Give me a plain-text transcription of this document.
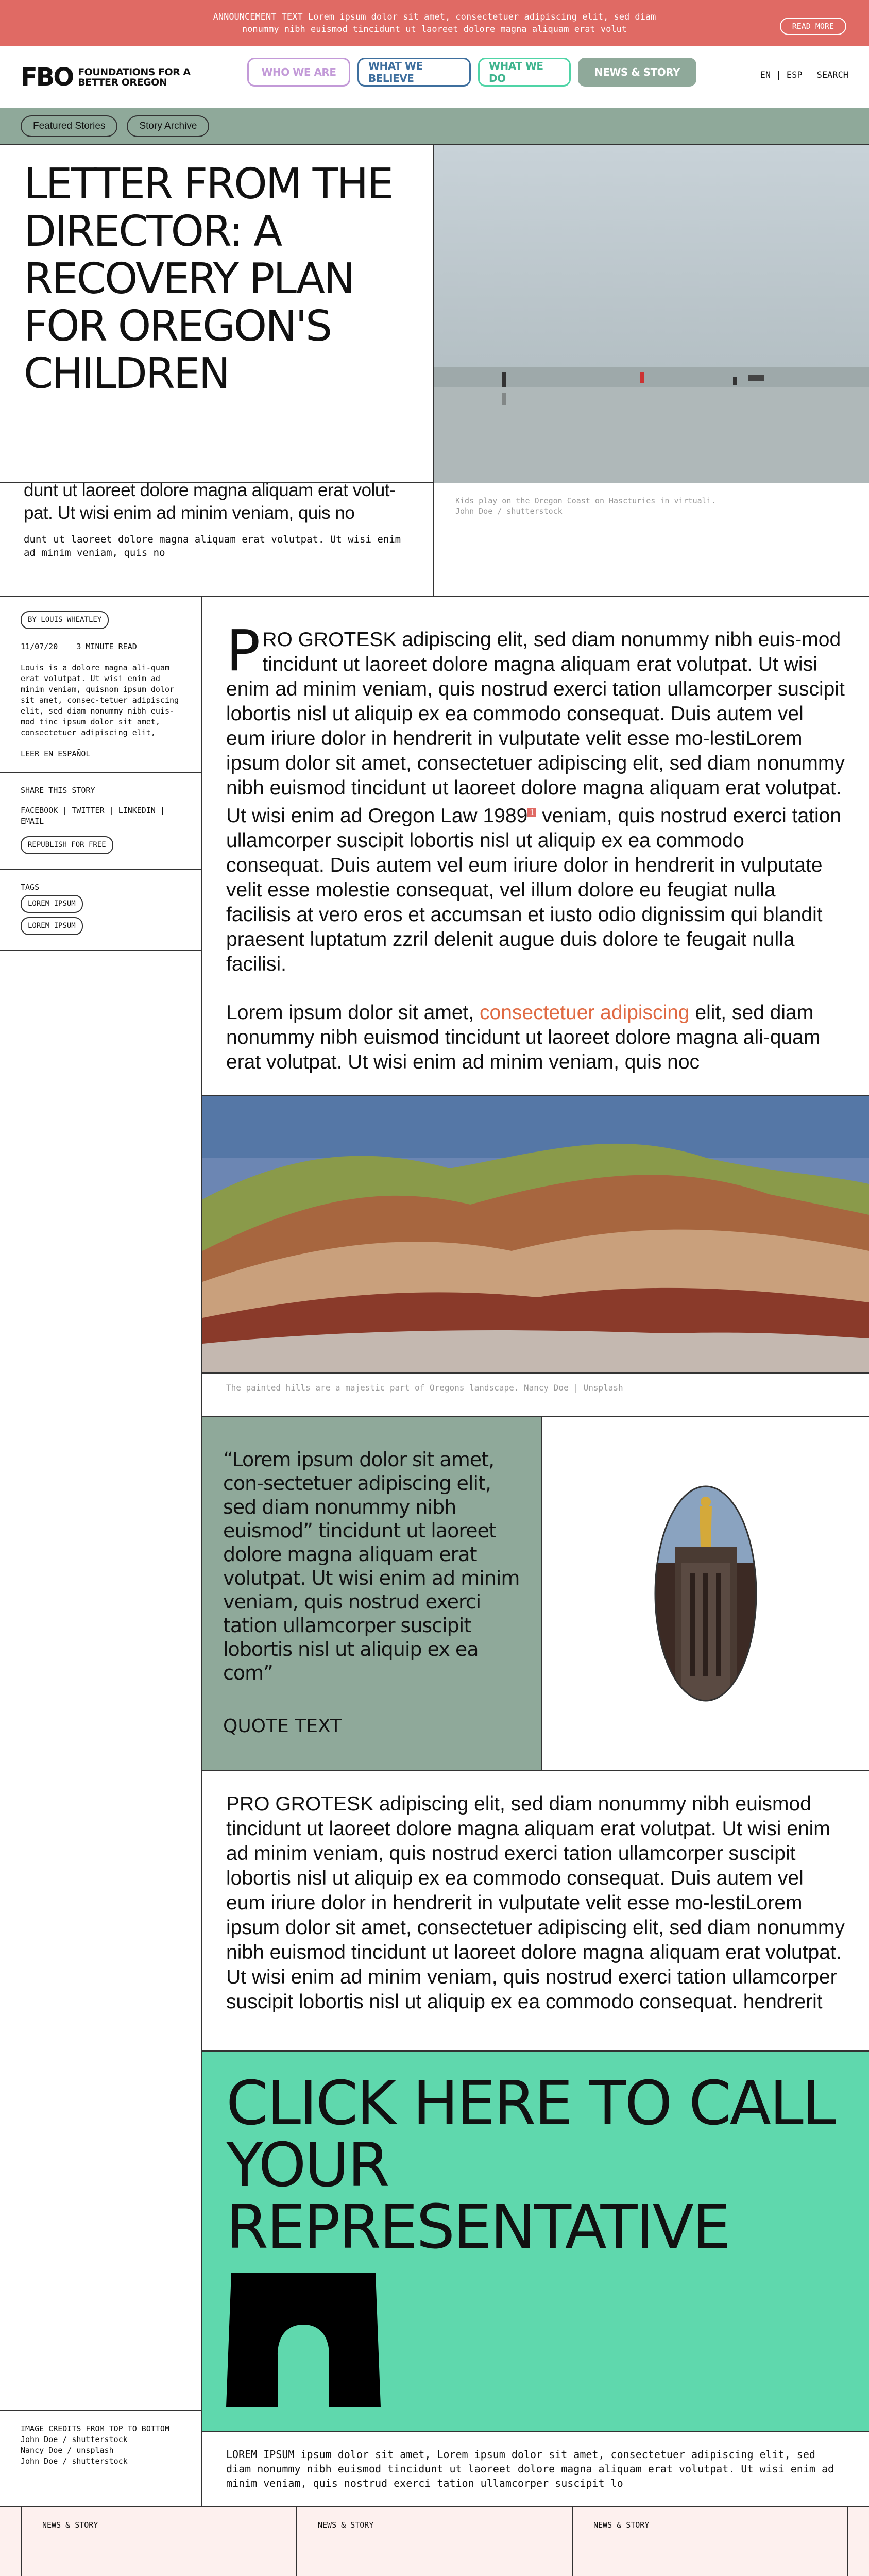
ANNOUNCEMENT TEXT Lorem ipsum dolor sit amet, consectetuer adipiscing elit, sed diam nonummy nibh euismod tincidunt ut laoreet dolore magna aliquam erat volut	READ MORE
FBO FOUNDATIONS FOR A
BETTER OREGON
WHO WE ARE	WHAT WE BELIEVE
WHAT WE DO	NEWS & STORY	EN | ESP SEARCH
Featured Stories	Story Archive
LETTER FROM THE DIRECTOR: A RECOVERY PLAN FOR OREGON'S CHILDREN
dunt ut laoreet dolore magna aliquam erat volut-pat. Ut wisi enim ad minim veniam, quis no
dunt ut laoreet dolore magna aliquam erat volutpat. Ut wisi enim ad minim veniam, quis no
Kids play on the Oregon Coast on Hascturies in virtuali.
John Doe / shutterstock
BY LOUIS WHEATLEY
11/07/20 3 MINUTE READ
Louis is a dolore magna ali-quam erat volutpat. Ut wisi enim ad minim veniam, quisnom ipsum dolor sit amet, consec-tetuer adipiscing elit, sed diam nonummy nibh euis-mod tinc ipsum dolor sit amet, consectetuer adipiscing elit,
LEER EN ESPAÑOL
SHARE THIS STORY
FACEBOOK | TWITTER | LINKEDIN | EMAIL
REPUBLISH FOR FREE
TAGS
LOREM IPSUM
LOREM IPSUM
IMAGE CREDITS FROM TOP TO BOTTOM
John Doe / shutterstock
Nancy Doe / unsplash
John Doe / shutterstock

PRO GROTESK adipiscing elit, sed diam nonummy nibh euis-mod tincidunt ut laoreet dolore magna aliquam erat volutpat. Ut wisi enim ad minim veniam, quis nostrud exerci tation ullamcorper suscipit lobortis nisl ut aliquip ex ea commodo consequat. Duis autem vel eum iriure dolor in hendrerit in vulputate velit esse mo-lestiLorem ipsum dolor sit amet, consectetuer adipiscing elit, sed diam nonummy nibh euismod tincidunt ut laoreet dolore magna aliquam erat volutpat. Ut wisi enim ad Oregon Law 1989 $^1$ veniam, quis nostrud exerci tation ullamcorper suscipit lobortis nisl ut aliquip ex ea commodo consequat. Duis autem vel eum iriure dolor in hendrerit in vulputate velit esse molestie consequat, vel illum dolore eu feugiat nulla facilisis at vero eros et accumsan et iusto odio dignissim qui blandit praesent luptatum zzril delenit augue duis dolore te feugait nulla facilisi.

Lorem ipsum dolor sit amet, consectetuer adipiscing elit, sed diam nonummy nibh euismod tincidunt ut laoreet dolore magna ali-quam erat volutpat. Ut wisi enim ad minim veniam, quis noc

The painted hills are a majestic part of Oregons landscape. Nancy Doe | Unsplash

“Lorem ipsum dolor sit amet, con-sectetuer adipiscing elit, sed diam nonummy nibh euismod” tincidunt ut laoreet dolore magna aliquam erat volutpat. Ut wisi enim ad minim veniam, quis nostrud exerci tation ullamcorper suscipit lobortis nisl ut aliquip ex ea com”

QUOTE TEXT

PRO GROTESK adipiscing elit, sed diam nonummy nibh euismod tincidunt ut laoreet dolore magna aliquam erat volutpat. Ut wisi enim ad minim veniam, quis nostrud exerci tation ullamcorper suscipit lobortis nisl ut aliquip ex ea commodo consequat. Duis autem vel eum iriure dolor in hendrerit in vulputate velit esse mo-lestiLorem ipsum dolor sit amet, consectetuer adipiscing elit, sed diam nonummy nibh euismod tincidunt ut laoreet dolore magna aliquam erat volutpat. Ut wisi enim ad minim veniam, quis nostrud exerci tation ullamcorper suscipit lobortis nisl ut aliquip ex ea commodo consequat. hendrerit

CLICK HERE TO CALL YOUR REPRESENTATIVE
LOREM IPSUM ipsum dolor sit amet, Lorem ipsum dolor sit amet, consectetuer adipiscing elit, sed diam nonummy nibh euismod tincidunt ut laoreet dolore magna aliquam erat volutpat. Ut wisi enim ad minim veniam, quis nostrud exerci tation ullamcorper suscipit lo
NEWS & STORY	NEWS & STORY	NEWS & STORY
